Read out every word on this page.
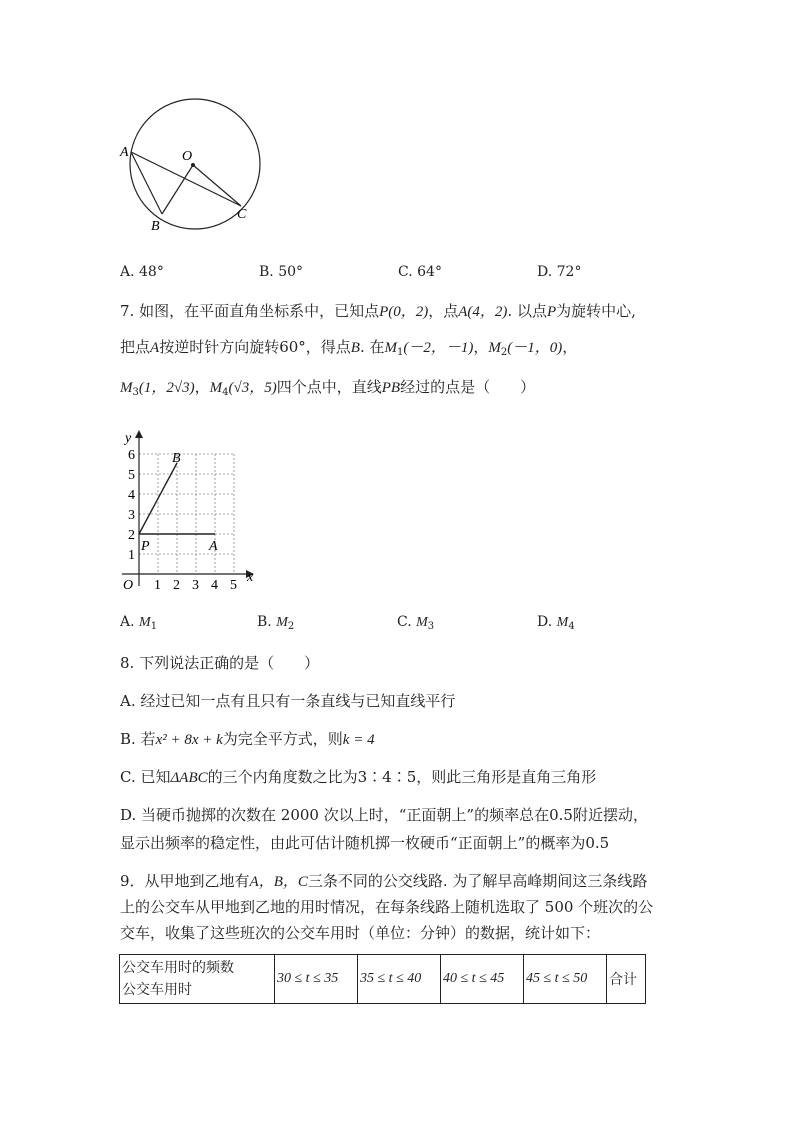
A	O
B
C
A. 48°	B. 50°	C. 64°	D. 72°
7. 如图，在平面直角坐标系中，已知点P(0，2)，点A(4，2). 以点P为旋转中心,
把点A按逆时针方向旋转60°，得点B. 在$M_1(-2$，－1)，$M_2(-1$，0)，
$M_3(1$，2√3)，$M_4(√3$，5)四个点中，直线PB经过的点是（　　）
y
x
O
1
2
3
4
5
6
1 2 3 4 5
P	A
B
A. $M_1$	B. $M_2$	C. $M_3$	D. $M_4$
8. 下列说法正确的是（　　）
A. 经过已知一点有且只有一条直线与已知直线平行
B. 若x² + 8x + k为完全平方式，则k = 4
C. 已知ΔABC的三个内角度数之比为3∶4∶5，则此三角形是直角三角形
D. 当硬币抛掷的次数在 2000 次以上时，“正面朝上”的频率总在0.5附近摆动，
显示出频率的稳定性，由此可估计随机掷一枚硬币“正面朝上”的概率为0.5
9．从甲地到乙地有A，B，C三条不同的公交线路. 为了解早高峰期间这三条线路
上的公交车从甲地到乙地的用时情况，在每条线路上随机选取了 500 个班次的公
交车，收集了这些班次的公交车用时（单位：分钟）的数据，统计如下：
公交车用时的频数
公交车用时
	30 ≤ t ≤ 35	35 ≤ t ≤ 40	40 ≤ t ≤ 45	45 ≤ t ≤ 50	合计
